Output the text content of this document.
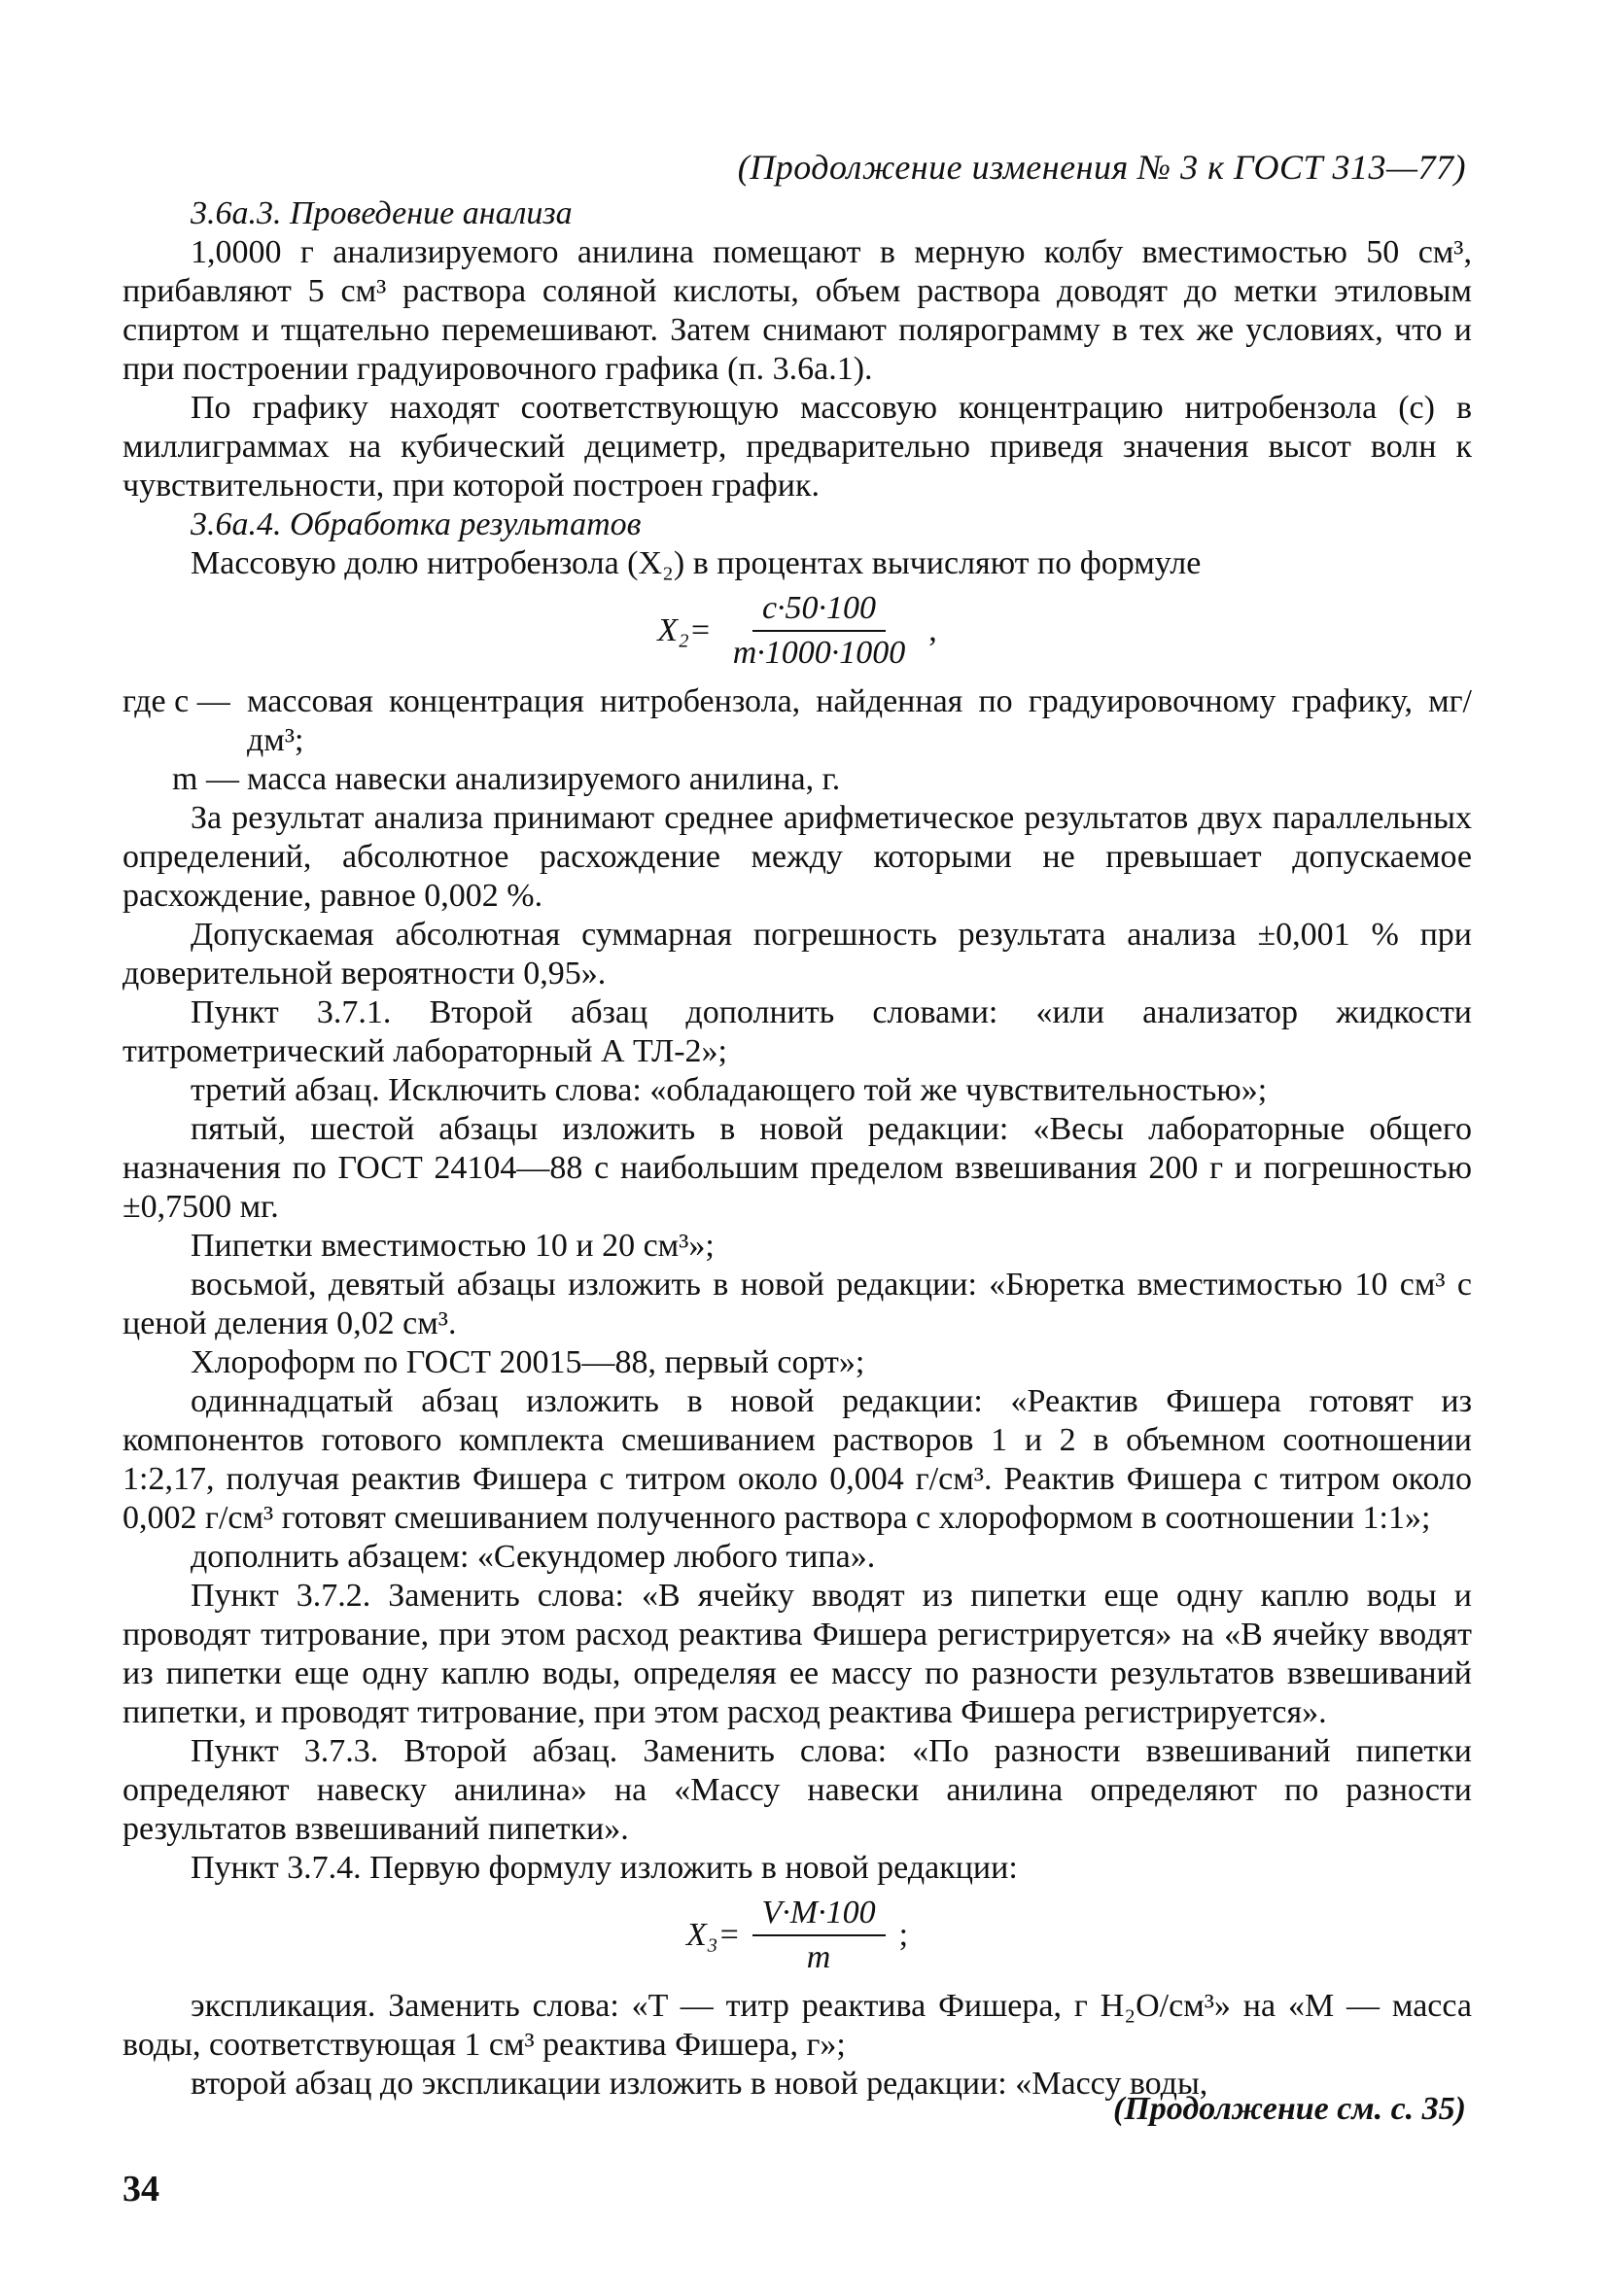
(Продолжение изменения № 3 к ГОСТ 313—77)

3.6а.3. Проведение анализа

1,0000 г анализируемого анилина помещают в мерную колбу вместимостью 50 см³, прибавляют 5 см³ раствора соляной кислоты, объем раствора доводят до метки этиловым спиртом и тщательно перемешивают. Затем снимают полярограмму в тех же условиях, что и при построении градуировочного графика (п. 3.6а.1).

По графику находят соответствующую массовую концентрацию нитробензола (с) в миллиграммах на кубический дециметр, предварительно приведя значения высот волн к чувствительности, при которой построен график.

3.6а.4. Обработка результатов

Массовую долю нитробензола (X₂) в процентах вычисляют по формуле

$X_2= \frac{c\cdot 50\cdot 100}{m\cdot 1000\cdot 1000}$ ,
где c — массовая концентрация нитробензола, найденная по градуировочному графику, мг/дм³;
m — масса навески анализируемого анилина, г.

За результат анализа принимают среднее арифметическое результатов двух параллельных определений, абсолютное расхождение между которыми не превышает допускаемое расхождение, равное 0,002 %.

Допускаемая абсолютная суммарная погрешность результата анализа ±0,001 % при доверительной вероятности 0,95».

Пункт 3.7.1. Второй абзац дополнить словами: «или анализатор жидкости титрометрический лабораторный А ТЛ-2»;

третий абзац. Исключить слова: «обладающего той же чувствительностью»;

пятый, шестой абзацы изложить в новой редакции: «Весы лабораторные общего назначения по ГОСТ 24104—88 с наибольшим пределом взвешивания 200 г и погрешностью ±0,7500 мг.

Пипетки вместимостью 10 и 20 см³»;

восьмой, девятый абзацы изложить в новой редакции: «Бюретка вместимостью 10 см³ с ценой деления 0,02 см³.

Хлороформ по ГОСТ 20015—88, первый сорт»;

одиннадцатый абзац изложить в новой редакции: «Реактив Фишера готовят из компонентов готового комплекта смешиванием растворов 1 и 2 в объемном соотношении 1:2,17, получая реактив Фишера с титром около 0,004 г/см³. Реактив Фишера с титром около 0,002 г/см³ готовят смешиванием полученного раствора с хлороформом в соотношении 1:1»;

дополнить абзацем: «Секундомер любого типа».

Пункт 3.7.2. Заменить слова: «В ячейку вводят из пипетки еще одну каплю воды и проводят титрование, при этом расход реактива Фишера регистрируется» на «В ячейку вводят из пипетки еще одну каплю воды, определяя ее массу по разности результатов взвешиваний пипетки, и проводят титрование, при этом расход реактива Фишера регистрируется».

Пункт 3.7.3. Второй абзац. Заменить слова: «По разности взвешиваний пипетки определяют навеску анилина» на «Массу навески анилина определяют по разности результатов взвешиваний пипетки».

Пункт 3.7.4. Первую формулу изложить в новой редакции:

$X_3= \frac{V\cdot M\cdot 100}{m}$ ;

экспликация. Заменить слова: «T — титр реактива Фишера, г H₂O/см³» на «M — масса воды, соответствующая 1 см³ реактива Фишера, г»;

второй абзац до экспликации изложить в новой редакции: «Массу воды,

(Продолжение см. с. 35)
34
